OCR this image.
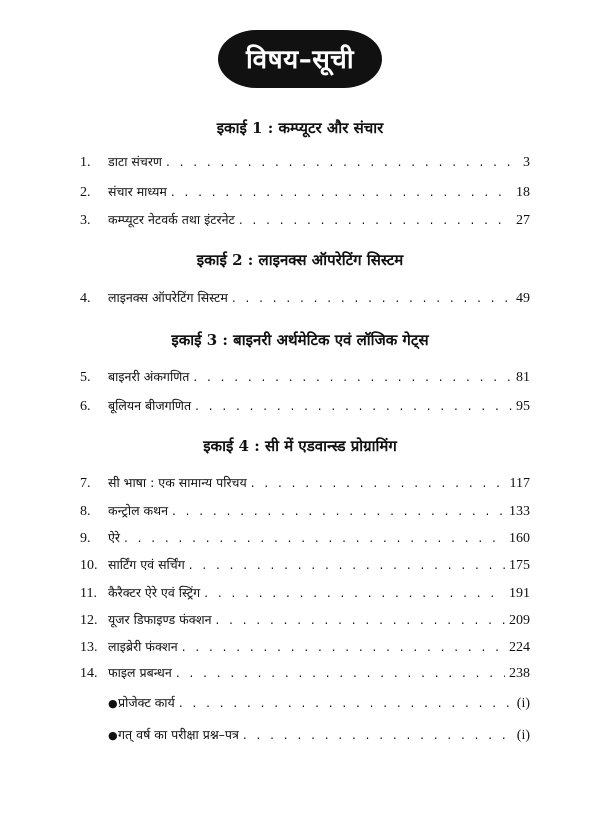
विषय–सूची
इकाई 1 : कम्प्यूटर और संचार
1.	डाटा संचरण . . .	3
2.	संचार माध्यम . . .	18
3.	कम्प्यूटर नेटवर्क तथा इंटरनेट . . .	27
इकाई 2 : लाइनक्स ऑपरेटिंग सिस्टम
4.	लाइनक्स ऑपरेटिंग सिस्टम . . .	49
इकाई 3 : बाइनरी अर्थमेटिक एवं लॉजिक गेट्स
5.	बाइनरी अंकगणित . . .	81
6.	बूलियन बीजगणित . . .	95
इकाई 4 : सी में एडवान्स्ड प्रोग्रामिंग
7.	सी भाषा : एक सामान्य परिचय . . .	117
8.	कन्ट्रोल कथन . . .	133
9.	ऐरे . . .	160
10. सार्टिंग एवं सर्चिंग . . .	175
11. कैरैक्टर ऐरे एवं स्ट्रिंग . . .	191
12. यूजर डिफाइण्ड फंक्शन . . .	209
13. लाइब्रेरी फंक्शन . . .	224
14. फाइल प्रबन्धन . . .	238
● प्रोजेक्ट कार्य . . .	(i)
● गत् वर्ष का परीक्षा प्रश्न–पत्र . . .	(i)
